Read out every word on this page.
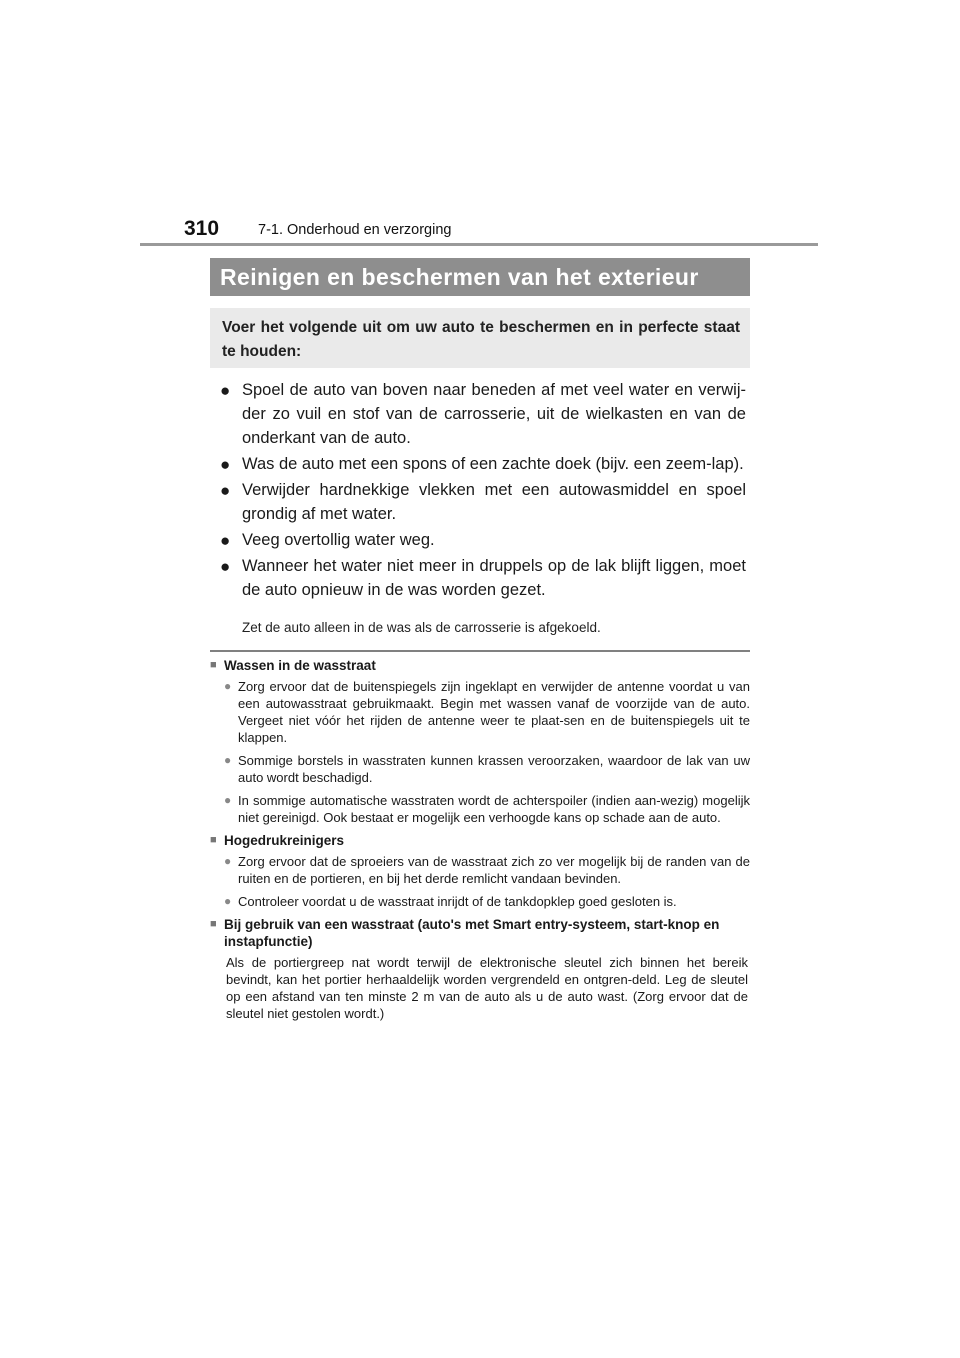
310	7-1. Onderhoud en verzorging
Reinigen en beschermen van het exterieur
Voer het volgende uit om uw auto te beschermen en in perfecte staat te houden:
● Spoel de auto van boven naar beneden af met veel water en verwij-der zo vuil en stof van de carrosserie, uit de wielkasten en van de onderkant van de auto.
● Was de auto met een spons of een zachte doek (bijv. een zeem-lap).
● Verwijder hardnekkige vlekken met een autowasmiddel en spoel grondig af met water.
● Veeg overtollig water weg.
● Wanneer het water niet meer in druppels op de lak blijft liggen, moet de auto opnieuw in de was worden gezet.
Zet de auto alleen in de was als de carrosserie is afgekoeld.
■ Wassen in de wasstraat
● Zorg ervoor dat de buitenspiegels zijn ingeklapt en verwijder de antenne voordat u van een autowasstraat gebruikmaakt. Begin met wassen vanaf de voorzijde van de auto. Vergeet niet vóór het rijden de antenne weer te plaat-sen en de buitenspiegels uit te klappen.
● Sommige borstels in wasstraten kunnen krassen veroorzaken, waardoor de lak van uw auto wordt beschadigd.
● In sommige automatische wasstraten wordt de achterspoiler (indien aan-wezig) mogelijk niet gereinigd. Ook bestaat er mogelijk een verhoogde kans op schade aan de auto.
■ Hogedrukreinigers
● Zorg ervoor dat de sproeiers van de wasstraat zich zo ver mogelijk bij de randen van de ruiten en de portieren, en bij het derde remlicht vandaan bevinden.
● Controleer voordat u de wasstraat inrijdt of de tankdopklep goed gesloten is.
■ Bij gebruik van een wasstraat (auto's met Smart entry-systeem, start-knop en instapfunctie)
Als de portiergreep nat wordt terwijl de elektronische sleutel zich binnen het bereik bevindt, kan het portier herhaaldelijk worden vergrendeld en ontgren-deld. Leg de sleutel op een afstand van ten minste 2 m van de auto als u de auto wast. (Zorg ervoor dat de sleutel niet gestolen wordt.)
